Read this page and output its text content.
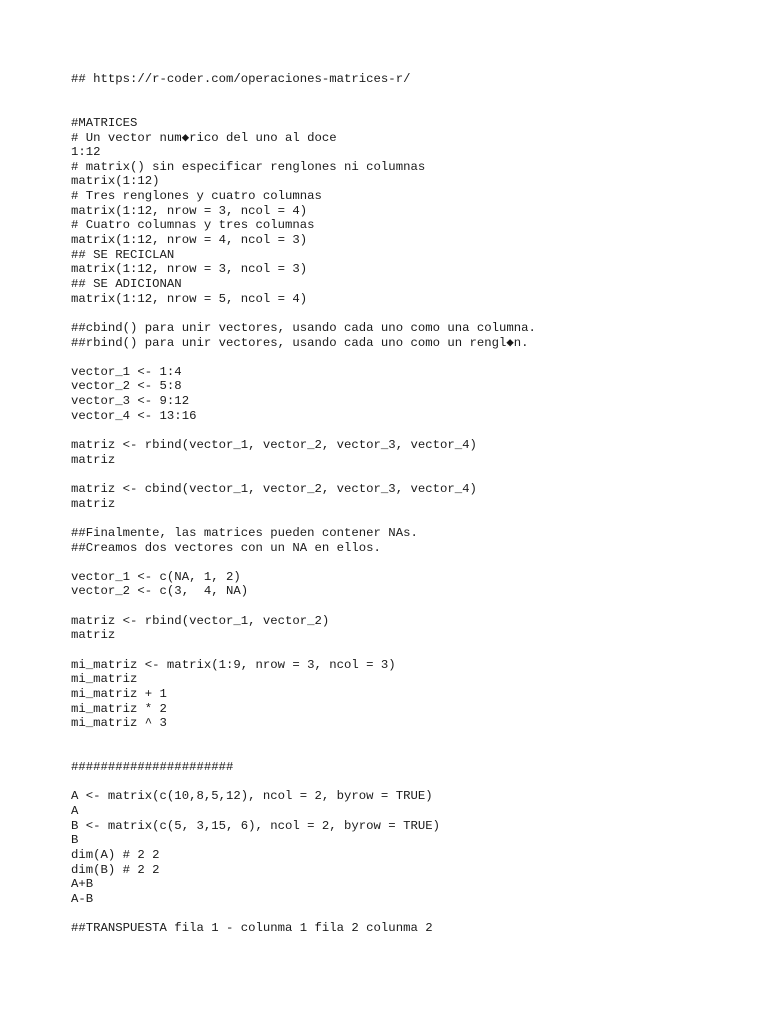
## https://r-coder.com/operaciones-matrices-r/
#MATRICES
# Un vector num◆rico del uno al doce
1:12
# matrix() sin especificar renglones ni columnas
matrix(1:12)
# Tres renglones y cuatro columnas
matrix(1:12, nrow = 3, ncol = 4)
# Cuatro columnas y tres columnas
matrix(1:12, nrow = 4, ncol = 3)
## SE RECICLAN
matrix(1:12, nrow = 3, ncol = 3)
## SE ADICIONAN
matrix(1:12, nrow = 5, ncol = 4)
##cbind() para unir vectores, usando cada uno como una columna.
##rbind() para unir vectores, usando cada uno como un rengl◆n.
vector_1 <- 1:4
vector_2 <- 5:8
vector_3 <- 9:12
vector_4 <- 13:16
matriz <- rbind(vector_1, vector_2, vector_3, vector_4)
matriz
matriz <- cbind(vector_1, vector_2, vector_3, vector_4)
matriz
##Finalmente, las matrices pueden contener NAs.
##Creamos dos vectores con un NA en ellos.
vector_1 <- c(NA, 1, 2)
vector_2 <- c(3,  4, NA)
matriz <- rbind(vector_1, vector_2)
matriz
mi_matriz <- matrix(1:9, nrow = 3, ncol = 3)
mi_matriz
mi_matriz + 1
mi_matriz * 2
mi_matriz ^ 3
######################
A <- matrix(c(10,8,5,12), ncol = 2, byrow = TRUE)
A
B <- matrix(c(5, 3,15, 6), ncol = 2, byrow = TRUE)
B
dim(A) # 2 2
dim(B) # 2 2
A+B
A-B
##TRANSPUESTA fila 1 - colunma 1 fila 2 colunma 2
